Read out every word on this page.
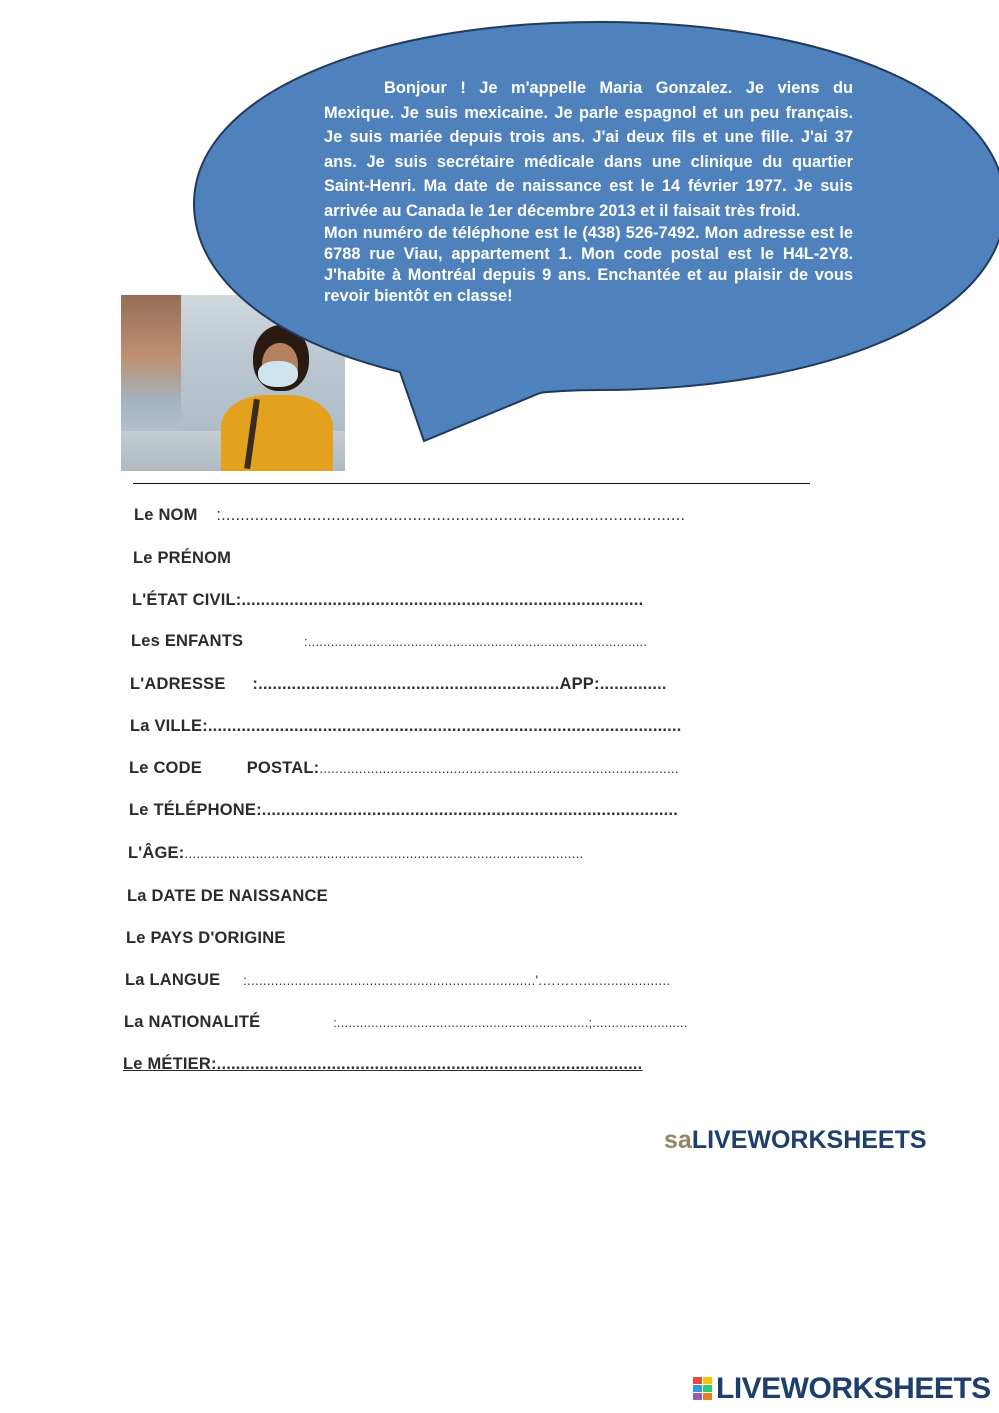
Bonjour ! Je m'appelle Maria Gonzalez. Je viens du Mexique. Je suis mexicaine. Je parle espagnol et un peu français. Je suis mariée depuis trois ans. J'ai deux fils et une fille. J'ai 37 ans. Je suis secrétaire médicale dans une clinique du quartier Saint-Henri. Ma date de naissance est le 14 février 1977. Je suis arrivée au Canada le 1er décembre 2013 et il faisait très froid.

Mon numéro de téléphone est le (438) 526-7492. Mon adresse est le 6788 rue Viau, appartement 1. Mon code postal est le H4L-2Y8. J'habite à Montréal depuis 9 ans. Enchantée et au plaisir de vous revoir bientôt en classe!

Le NOM :.................................................................................................
Le PRÉNOM
L'ÉTAT CIVIL:....................................................................................
Les ENFANTS	:.........................................................................................
L'ADRESSE :...............................................................APP:..............
La VILLE:...................................................................................................
Le CODE	POSTAL:...........................................................................................
Le TÉLÉPHONE:.......................................................................................
L'ÂGE:.....................................................................................................
La DATE DE NAISSANCE
Le PAYS D'ORIGINE
La LANGUE :.........................................................................'.………......................
La NATIONALITÉ	:..................................................................;.........................
Le MÉTIER:.........................................................................................
saLIVEWORKSHEETS
LIVEWORKSHEETS
